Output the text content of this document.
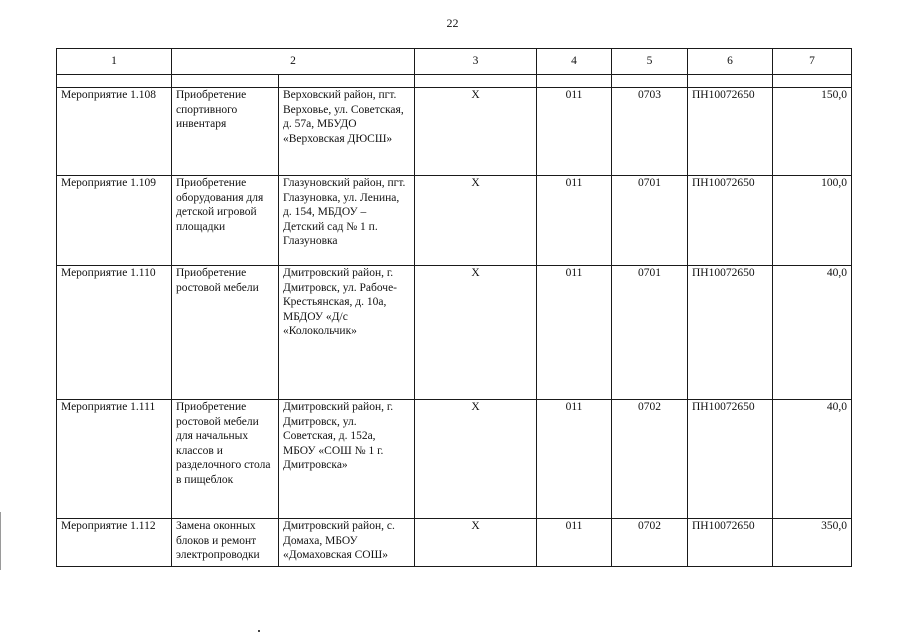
22
1	2		3	4	5	6	7

Мероприятие 1.108	Приобретение спортивного инвентаря	Верховский район, пгт. Верховье, ул. Советская, д. 57а, МБУДО «Верховская ДЮСШ»	Х	011	0703	ПН10072650	150,0
Мероприятие 1.109	Приобретение оборудования для детской игровой площадки	Глазуновский район, пгт. Глазуновка, ул. Ленина, д. 154, МБДОУ – Детский сад № 1 п. Глазуновка	Х	011	0701	ПН10072650	100,0
Мероприятие 1.110	Приобретение ростовой мебели	Дмитровский район, г. Дмитровск, ул. Рабоче-Крестьянская, д. 10а, МБДОУ «Д/с «Колокольчик»	Х	011	0701	ПН10072650	40,0
Мероприятие 1.111	Приобретение ростовой мебели для начальных классов и разделочного стола в пищеблок	Дмитровский район, г. Дмитровск, ул. Советская, д. 152а, МБОУ «СОШ № 1 г. Дмитровска»	Х	011	0702	ПН10072650	40,0
Мероприятие 1.112	Замена оконных блоков и ремонт электропроводки	Дмитровский район, с. Домаха, МБОУ «Домаховская СОШ»	Х	011	0702	ПН10072650	350,0
